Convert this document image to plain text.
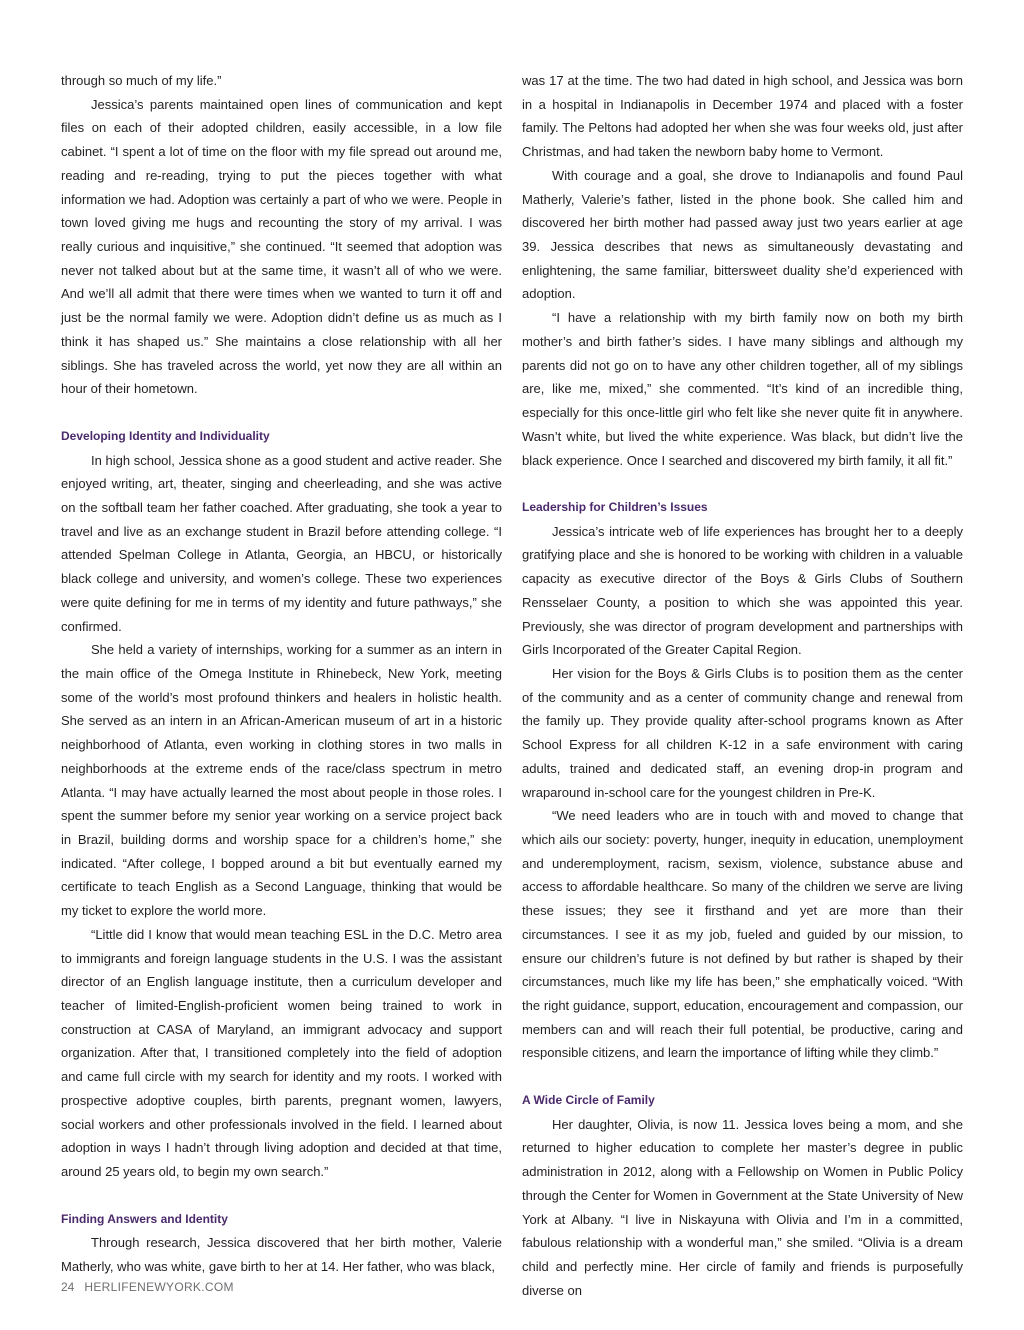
through so much of my life.”

Jessica’s parents maintained open lines of communication and kept files on each of their adopted children, easily accessible, in a low file cabinet. “I spent a lot of time on the floor with my file spread out around me, reading and re-reading, trying to put the pieces together with what information we had. Adoption was certainly a part of who we were. People in town loved giving me hugs and recounting the story of my arrival. I was really curious and inquisitive,” she continued. “It seemed that adoption was never not talked about but at the same time, it wasn’t all of who we were. And we’ll all admit that there were times when we wanted to turn it off and just be the normal family we were. Adoption didn’t define us as much as I think it has shaped us.” She maintains a close relationship with all her siblings. She has traveled across the world, yet now they are all within an hour of their hometown.

Developing Identity and Individuality

In high school, Jessica shone as a good student and active reader. She enjoyed writing, art, theater, singing and cheerleading, and she was active on the softball team her father coached. After graduating, she took a year to travel and live as an exchange student in Brazil before attending college. “I attended Spelman College in Atlanta, Georgia, an HBCU, or historically black college and university, and women’s college. These two experiences were quite defining for me in terms of my identity and future pathways,” she confirmed.

She held a variety of internships, working for a summer as an intern in the main office of the Omega Institute in Rhinebeck, New York, meeting some of the world’s most profound thinkers and healers in holistic health. She served as an intern in an African-American museum of art in a historic neighborhood of Atlanta, even working in clothing stores in two malls in neighborhoods at the extreme ends of the race/class spectrum in metro Atlanta. “I may have actually learned the most about people in those roles. I spent the summer before my senior year working on a service project back in Brazil, building dorms and worship space for a children’s home,” she indicated. “After college, I bopped around a bit but eventually earned my certificate to teach English as a Second Language, thinking that would be my ticket to explore the world more.

“Little did I know that would mean teaching ESL in the D.C. Metro area to immigrants and foreign language students in the U.S. I was the assistant director of an English language institute, then a curriculum developer and teacher of limited-English-proficient women being trained to work in construction at CASA of Maryland, an immigrant advocacy and support organization. After that, I transitioned completely into the field of adoption and came full circle with my search for identity and my roots. I worked with prospective adoptive couples, birth parents, pregnant women, lawyers, social workers and other professionals involved in the field. I learned about adoption in ways I hadn’t through living adoption and decided at that time, around 25 years old, to begin my own search.”

Finding Answers and Identity

Through research, Jessica discovered that her birth mother, Valerie Matherly, who was white, gave birth to her at 14. Her father, who was black,

was 17 at the time. The two had dated in high school, and Jessica was born in a hospital in Indianapolis in December 1974 and placed with a foster family. The Peltons had adopted her when she was four weeks old, just after Christmas, and had taken the newborn baby home to Vermont.

With courage and a goal, she drove to Indianapolis and found Paul Matherly, Valerie’s father, listed in the phone book. She called him and discovered her birth mother had passed away just two years earlier at age 39. Jessica describes that news as simultaneously devastating and enlightening, the same familiar, bittersweet duality she’d experienced with adoption.

“I have a relationship with my birth family now on both my birth mother’s and birth father’s sides. I have many siblings and although my parents did not go on to have any other children together, all of my siblings are, like me, mixed,” she commented. “It’s kind of an incredible thing, especially for this once-little girl who felt like she never quite fit in anywhere. Wasn’t white, but lived the white experience. Was black, but didn’t live the black experience. Once I searched and discovered my birth family, it all fit.”

Leadership for Children’s Issues

Jessica’s intricate web of life experiences has brought her to a deeply gratifying place and she is honored to be working with children in a valuable capacity as executive director of the Boys & Girls Clubs of Southern Rensselaer County, a position to which she was appointed this year. Previously, she was director of program development and partnerships with Girls Incorporated of the Greater Capital Region.

Her vision for the Boys & Girls Clubs is to position them as the center of the community and as a center of community change and renewal from the family up. They provide quality after-school programs known as After School Express for all children K-12 in a safe environment with caring adults, trained and dedicated staff, an evening drop-in program and wraparound in-school care for the youngest children in Pre-K.

“We need leaders who are in touch with and moved to change that which ails our society: poverty, hunger, inequity in education, unemployment and underemployment, racism, sexism, violence, substance abuse and access to affordable healthcare. So many of the children we serve are living these issues; they see it firsthand and yet are more than their circumstances. I see it as my job, fueled and guided by our mission, to ensure our children’s future is not defined by but rather is shaped by their circumstances, much like my life has been,” she emphatically voiced. “With the right guidance, support, education, encouragement and compassion, our members can and will reach their full potential, be productive, caring and responsible citizens, and learn the importance of lifting while they climb.”

A Wide Circle of Family

Her daughter, Olivia, is now 11. Jessica loves being a mom, and she returned to higher education to complete her master’s degree in public administration in 2012, along with a Fellowship on Women in Public Policy through the Center for Women in Government at the State University of New York at Albany. “I live in Niskayuna with Olivia and I’m in a committed, fabulous relationship with a wonderful man,” she smiled. “Olivia is a dream child and perfectly mine. Her circle of family and friends is purposefully diverse on

24 HERLIFENEWYORK.COM
